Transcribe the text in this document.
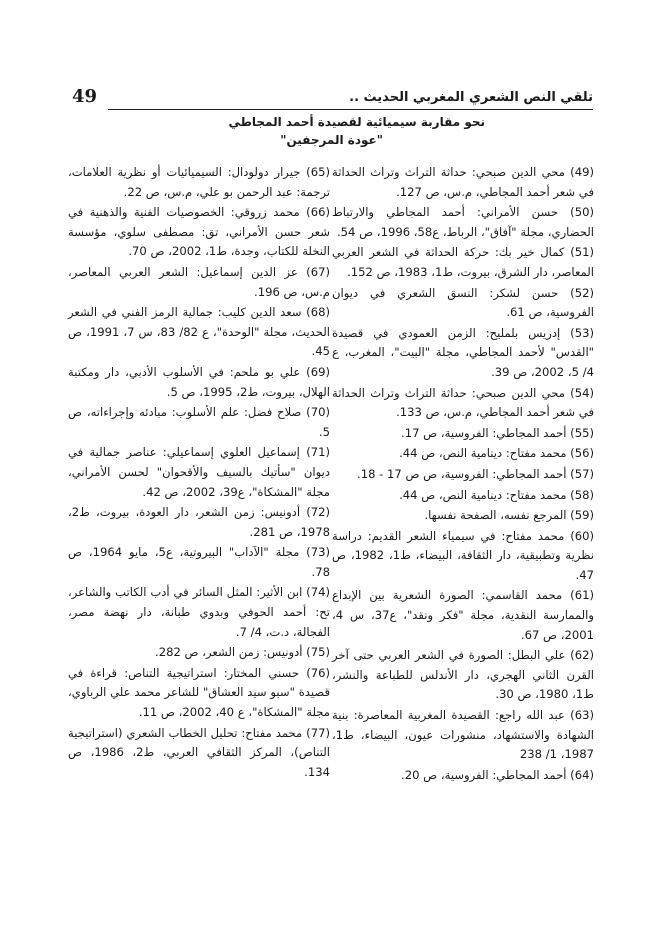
49	تلقي النص الشعري المغربي الحديث ..
نحو مقاربة سيميائية لقصيدة أحمد المجاطي
"عودة المرجفين"

(49) محي الدين صبحي: حداثة التراث وتراث الحداثة في شعر أحمد المجاطي، م.س، ص 127.

(50) حسن الأمراني: أحمد المجاطي والارتباط الحضاري، مجلة "آفاق"، الرباط، ع58، 1996، ص 54.

(51) كمال خير بك: حركة الحداثة في الشعر العربي المعاصر، دار الشرق، بيروت، ط1، 1983، ص 152.

(52) حسن لشكر: النسق الشعري في ديوان الفروسية، ص 61.

(53) إدريس بلمليح: الزمن العمودي في قصيدة "القدس" لأحمد المجاطي، مجلة "البيت"، المغرب، ع 4/ 5، 2002، ص 39.

(54) محي الدين صبحي: حداثة التراث وتراث الحداثة في شعر أحمد المجاطي، م.س، ص 133.

(55) أحمد المجاطي: الفروسية، ص 17.

(56) محمد مفتاح: دينامية النص، ص 44.

(57) أحمد المجاطي: الفروسية، ص ص 17 - 18.

(58) محمد مفتاح: دينامية النص، ص 44.

(59) المرجع نفسه، الصفحة نفسها.

(60) محمد مفتاح: في سيمياء الشعر القديم: دراسة نظرية وتطبيقية، دار الثقافة، البيضاء، ط1، 1982، ص 47.

(61) محمد القاسمي: الصورة الشعرية بين الإبداع والممارسة النقدية، مجلة "فكر ونقد"، ع37، س 4، 2001، ص 67.

(62) علي البطل: الصورة في الشعر العربي حتى آخر القرن الثاني الهجري، دار الأندلس للطباعة والنشر، ط1، 1980، ص 30.

(63) عبد الله راجع: القصيدة المغربية المعاصرة: بنية الشهادة والاستشهاد، منشورات عيون، البيضاء، ط1، 1987، 1/ 238

(64) أحمد المجاطي: الفروسية، ص 20.

(65) جيرار دولودال: السيميائيات أو نظرية العلامات، ترجمة: عبد الرحمن بو علي، م.س، ص 22.

(66) محمد زروقي: الخصوصيات الفنية والذهنية في شعر حسن الأمراني، تق: مصطفى سلوي، مؤسسة النخلة للكتاب، وجدة، ط1، 2002، ص 70.

(67) عز الدين إسماعيل: الشعر العربي المعاصر، م.س، ص 196.

(68) سعد الدين كليب: جمالية الرمز الفني في الشعر الحديث، مجلة "الوحدة"، ع 82/ 83، س 7، 1991، ص 45.

(69) علي بو ملحم: في الأسلوب الأدبي، دار ومكتبة الهلال، بيروت، ط2، 1995، ص 5.

(70) صلاح فضل: علم الأسلوب: مبادئه وإجراءاته، ص 5.

(71) إسماعيل العلوي إسماعيلي: عناصر جمالية في ديوان "سأتيك بالسيف والأقحوان" لحسن الأمراني، مجلة "المشكاة"، ع39، 2002، ص 42.

(72) أدونيس: زمن الشعر، دار العودة، بيروت، ط2، 1978، ص 281.

(73) مجلة "الآداب" البيروتية، ع5، مايو 1964، ص 78.

(74) ابن الأثير: المثل السائر في أدب الكاتب والشاعر، تح: أحمد الحوفي وبدوي طبانة، دار نهضة مصر، الفجالة، د.ت، 4/ 7.

(75) أدونيس: زمن الشعر، ص 282.

(76) حسني المختار: استراتيجية التناص: قراءة في قصيدة "سبو سيد العشاق" للشاعر محمد علي الرباوي، مجلة "المشكاة"، ع 40، 2002، ص 11.

(77) محمد مفتاح: تحليل الخطاب الشعري (استراتيجية التناص)، المركز الثقافي العربي، ط2، 1986، ص 134.
